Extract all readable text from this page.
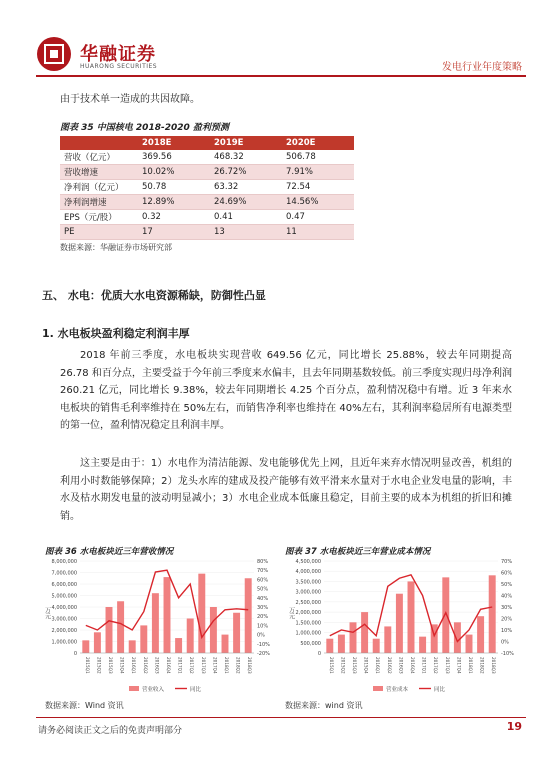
华融证券
HUARONG SECURITIES	发电行业年度策略
由于技术单一造成的共因故障。
图表 35 中国核电 2018-2020 盈利预测
	2018E	2019E	2020E
营收（亿元）	369.56	468.32	506.78
营收增速	10.02%	26.72%	7.91%
净利润（亿元）	50.78	63.32	72.54
净利润增速	12.89%	24.69%	14.56%
EPS（元/股）	0.32	0.41	0.47
PE	17	13	11
数据来源：华融证券市场研究部
五、 水电：优质大水电资源稀缺，防御性凸显
1. 水电板块盈利稳定利润丰厚
2018 年前三季度，水电板块实现营收 649.56 亿元，同比增长 25.88%，较去年同期提高 26.78 和百分点，主要受益于今年前三季度来水偏丰，且去年同期基数较低。前三季度实现归母净利润 260.21 亿元，同比增长 9.38%，较去年同期增长 4.25 个百分点，盈利情况稳中有增。近 3 年来水电板块的销售毛利率维持在 50%左右，而销售净利率也维持在 40%左右，其利润率稳居所有电源类型的第一位，盈利情况稳定且利润丰厚。
这主要是由于：1）水电作为清洁能源、发电能够优先上网，且近年来弃水情况明显改善，机组的利用小时数能够保障；2）龙头水库的建成及投产能够有效平滑来水量对于水电企业发电量的影响，丰水及枯水期发电量的波动明显减小；3）水电企业成本低廉且稳定，目前主要的成本为机组的折旧和摊销。
图表 36 水电板块近三年营收情况	图表 37 水电板块近三年营业成本情况
0
1,000,000
2,000,000
3,000,000
4,000,000
5,000,000
6,000,000
7,000,000
8,000,000
-20%
-10%
0%
10%
20%
30%
40%
50%
60%
70%
80%
万元
2015Q1 2015Q2 2015Q3 2015Q4 2016Q1 2016Q2 2016Q3 2016Q4 2017Q1 2017Q2 2017Q3 2017Q4 2018Q1 2018Q2 2018Q3
营业收入	同比
0
500,000
1,000,000
1,500,000
2,000,000
2,500,000
3,000,000
3,500,000
4,000,000
4,500,000
-10%
0%
10%
20%
30%
40%
50%
60%
70%
万元
2015Q1 2015Q2 2015Q3 2015Q4 2016Q1 2016Q2 2016Q3 2016Q4 2017Q1 2017Q2 2017Q3 2017Q4 2018Q1 2018Q2 2018Q3
营业成本	同比
数据来源：Wind 资讯	数据来源：wind 资讯
请务必阅读正文之后的免责声明部分	19
